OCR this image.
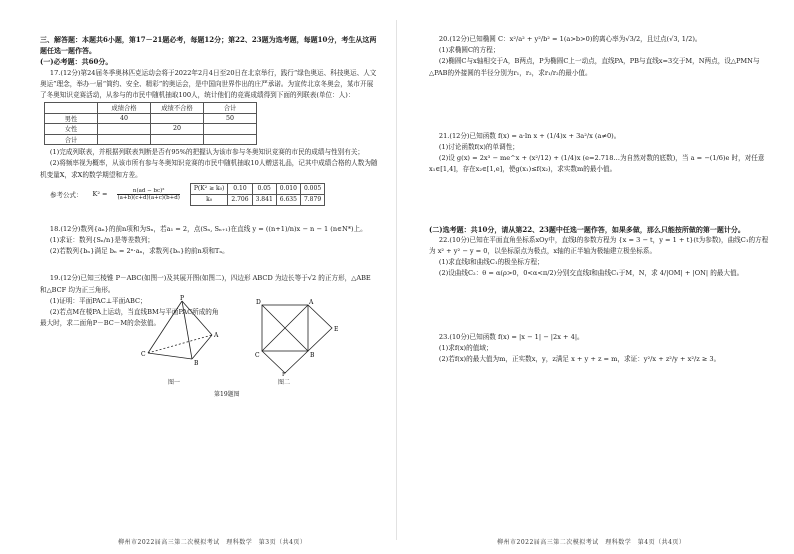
三、解答题：本题共6小题，第17－21题必考，每题12分；第22、23题为选考题，每题10分，考生从这两题任选一题作答。

(一)必考题：共60分。

17.(12分)第24届冬季奥林匹克运动会将于2022年2月4日至20日在北京举行，践行“绿色奥运、科技奥运、人文奥运”理念，举办一届“简约、安全、精彩”的奥运会，是中国向世界作出的庄严承诺。为宣传北京冬奥会，某市开展了冬奥知识竞赛活动，从参与的市民中随机抽取100人，统计他们的竞赛成绩得到下面的列联表(单位：人)：

	成绩合格	成绩不合格	合计
男性	40		50
女性		20	
合计			

(1)完成列联表，并根据列联表判断是否有95%的把握认为该市参与冬奥知识竞赛的市民的成绩与性别有关；

(2)将频率视为概率，从该市所有参与冬奥知识竞赛的市民中随机抽取10人赠送礼品，记其中成绩合格的人数为随机变量X，求X的数学期望和方差。

参考公式： $K^2 = \frac{\text{n(ad − bc)²}}{(a+b)(c+d)(a+c)(b+d)} P(K^2 \ge k_0)$	0.10	0.05	0.010	0.005
k₀	2.706	3.841	6.635	7.879

18.(12分)数列{aₙ}的前n项和为Sₙ，若a₁ = 2，点(Sₙ, Sₙ₊₁)在直线 y = ((n+1)/n)x − n − 1 (n∈N*)上。

(1)求证：数列{Sₙ/n}是等差数列；

(2)若数列{bₙ}满足 bₙ = 2ⁿ·aₙ，求数列{bₙ}的前n项和Tₙ。

19.(12分)已知三棱锥 P－ABC(如图一)及其展开图(如图二)，四边形 ABCD 为边长等于√2 的正方形，△ABE 和△BCF 均为正三角形。

(1)证明：平面PAC⊥平面ABC；

(2)若点M在棱PA上运动，当直线BM与平面PAC所成的角最大时，求二面角P－BC－M的余弦值。

P
A
B
C
D	A
E
C	B
F
图一	图二
第19题图
柳州市2022届高三第二次模拟考试　理科数学　第3页（共4页）

20.(12分)已知椭圆 C：x²/a² + y²/b² = 1(a>b>0)的离心率为√3/2，且过点(√3, 1/2)。

(1)求椭圆C的方程；

(2)椭圆C与x轴相交于A，B两点，P为椭圆C上一动点，直线PA，PB与直线x=3交于M，N两点，设△PMN与△PAB的外接圆的半径分别为r₁，r₂，求r₁/r₂的最小值。

21.(12分)已知函数 f(x) = a·ln x + (1/4)x + 3a²/x (a≠0)。

(1)讨论函数f(x)的单调性；

(2)设 g(x) = 2x³ − me^x + (x²/12) + (1/4)x (e=2.718…为自然对数的底数)，当 a = −(1/6)e 时，对任意x₁∈[1,4]，存在x₂∈[1,e]，使g(x₁)≤f(x₂)，求实数m的最小值。

(二)选考题：共10分，请从第22、23题中任选一题作答，如果多做，那么只能按所做的第一题计分。

22.(10分)已知在平面直角坐标系xOy中，直线l的参数方程为 {x = 3 − t，y = 1 + t}(t为参数)，曲线C₁的方程为 x² + y² − y = 0，以坐标原点为极点，x轴的正半轴为极轴建立极坐标系。

(1)求直线l和曲线C₁的极坐标方程；

(2)设曲线C₂：θ = α(ρ>0，0<α<π/2)分别交直线l和曲线C₁于M，N，求 4/|OM| + |ON| 的最大值。

23.(10分)已知函数 f(x) = |x − 1| − |2x + 4|。

(1)求f(x)的值域；

(2)若f(x)的最大值为m，正实数x，y，z满足 x + y + z = m，求证：y²/x + z²/y + x²/z ≥ 3。

柳州市2022届高三第二次模拟考试　理科数学　第4页（共4页）
